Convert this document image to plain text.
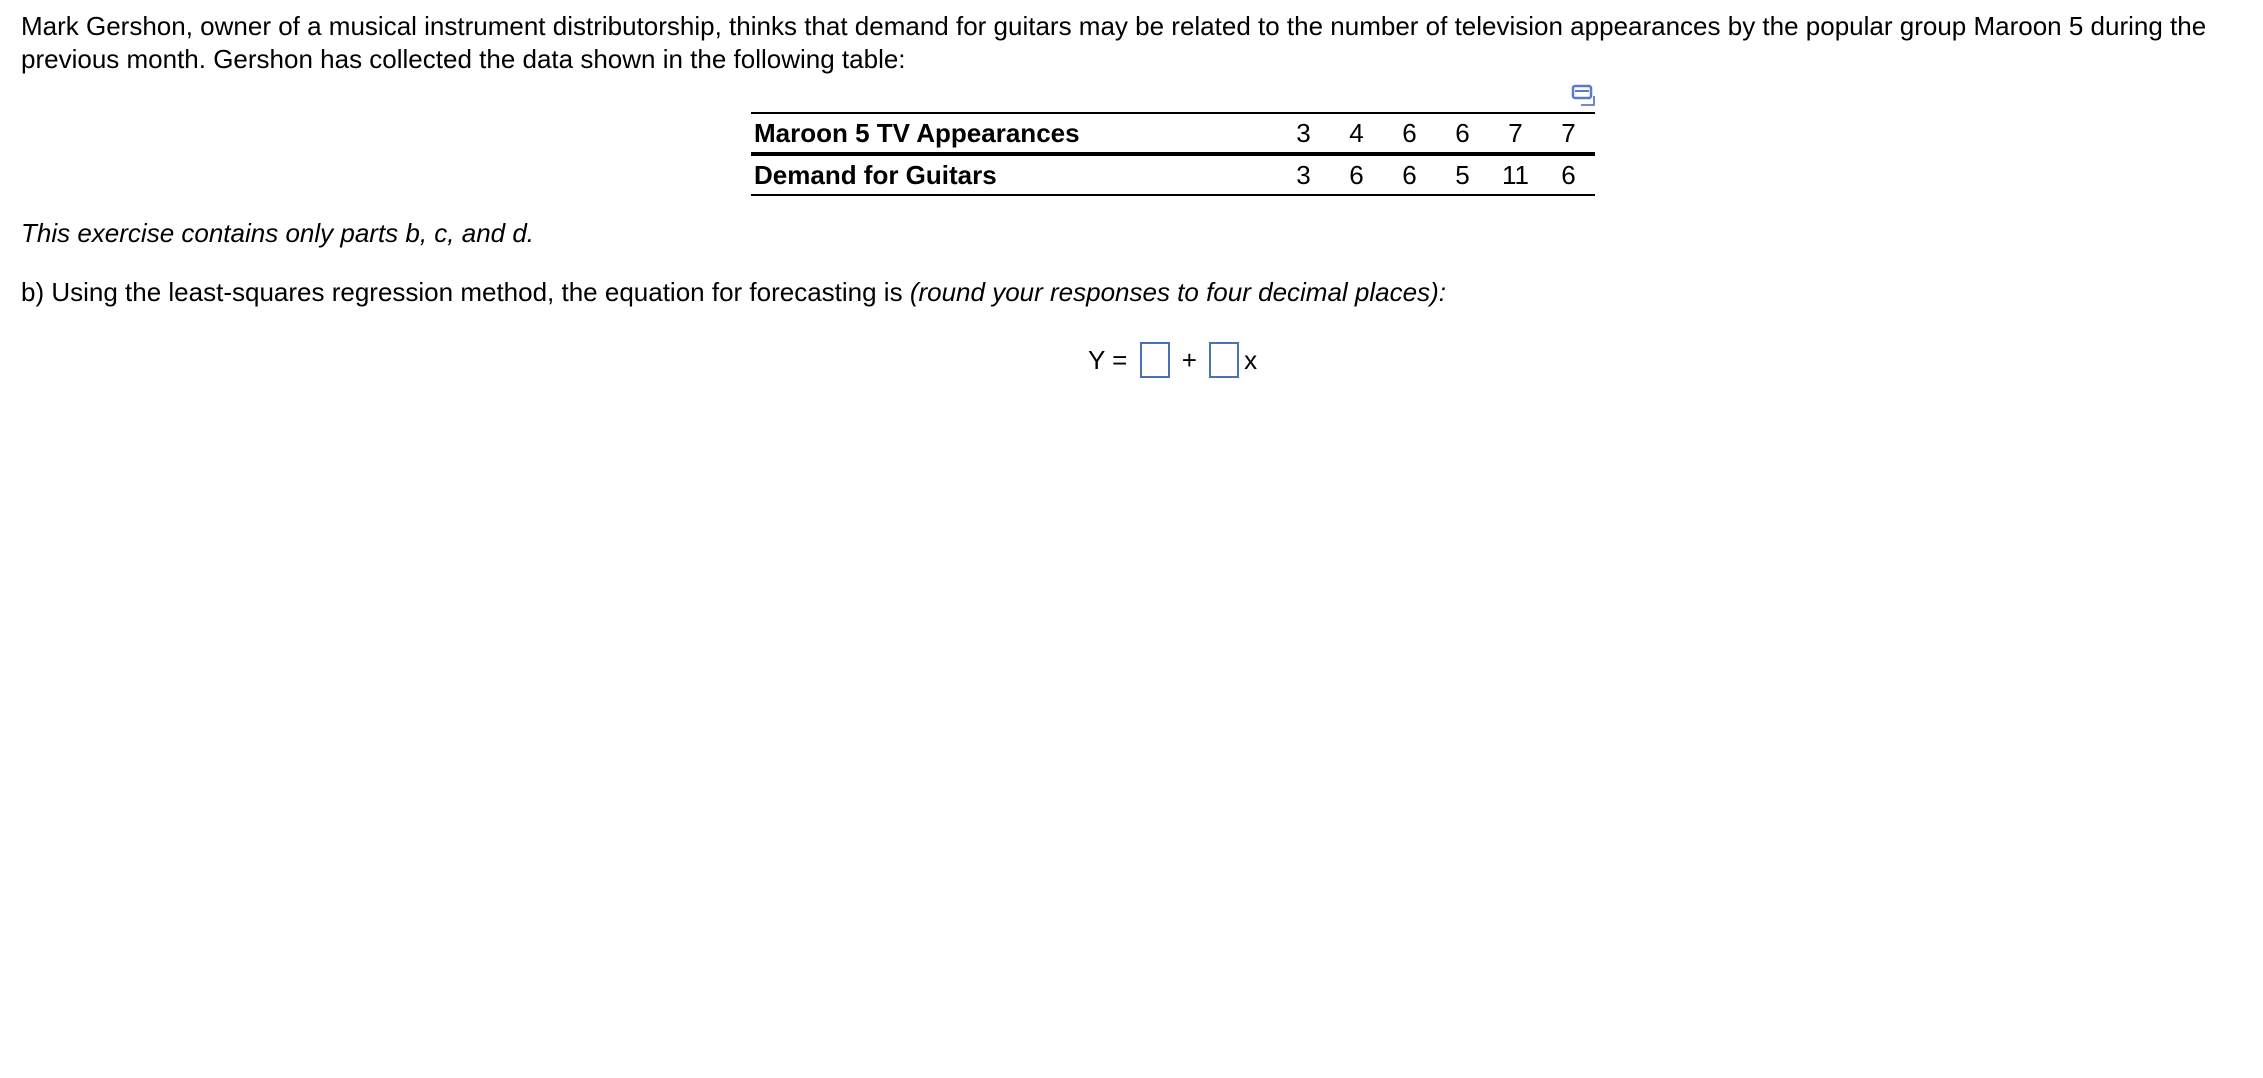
Mark Gershon, owner of a musical instrument distributorship, thinks that demand for guitars may be related to the number of television appearances by the popular group Maroon 5 during the previous month. Gershon has collected the data shown in the following table:

Maroon 5 TV Appearances	3	4	6	6	7	7
Demand for Guitars	3	6	6	5	11	6

This exercise contains only parts b, c, and d.

b) Using the least-squares regression method, the equation for forecasting is (round your responses to four decimal places):

Y = + x
